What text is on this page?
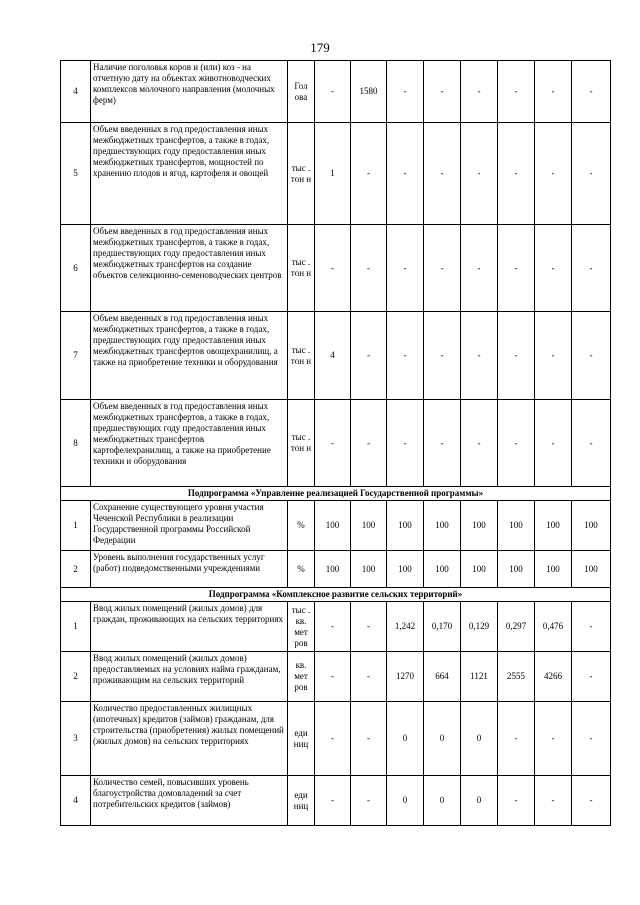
179
4	Наличие поголовья коров и (или) коз - на отчетную дату на объектах животноводческих комплексов молочного направления (молочных ферм)	Гол ова	-	1580	-	-	-	-	-	-
5	Объем введенных в год предоставления иных межбюджетных трансфертов, а также в годах, предшествующих году предоставления иных межбюджетных трансфертов, мощностей по хранению плодов и ягод, картофеля и овощей	тыс . тон н	1	-	-	-	-	-	-	-
6	Объем введенных в год предоставления иных межбюджетных трансфертов, а также в годах, предшествующих году предоставления иных межбюджетных трансфертов на создание объектов селекционно-семеноводческих центров	тыс . тон н	-	-	-	-	-	-	-	-
7	Объем введенных в год предоставления иных межбюджетных трансфертов, а также в годах, предшествующих году предоставления иных межбюджетных трансфертов овощехранилищ, а также на приобретение техники и оборудования	тыс . тон н	4	-	-	-	-	-	-	-
8	Объем введенных в год предоставления иных межбюджетных трансфертов, а также в годах, предшествующих году предоставления иных межбюджетных трансфертов картофелехранилищ, а также на приобретение техники и оборудования	тыс . тон н	-	-	-	-	-	-	-	-
Подпрограмма «Управление реализацией Государственной программы»										
1	Сохранение существующего уровня участия Чеченской Республики в реализации Государственной программы Российской Федерации	%	100	100	100	100	100	100	100	100
2	Уровень выполнения государственных услуг (работ) подведомственными учреждениями	%	100	100	100	100	100	100	100	100
Подпрограмма «Комплексное развитие сельских территорий»										
1	Ввод жилых помещений (жилых домов) для граждан, проживающих на сельских территориях	тыс . кв. мет ров	-	-	1,242	0,170	0,129	0,297	0,476	-
2	Ввод жилых помещений (жилых домов) предоставляемых на условиях найма гражданам, проживающим на сельских территорий	кв. мет ров	-	-	1270	664	1121	2555	4266	-
3	Количество предоставленных жилищных (ипотечных) кредитов (займов) гражданам, для строительства (приобретения) жилых помещений (жилых домов) на сельских территориях	еди ниц	-	-	0	0	0	-	-	-
4	Количество семей, повысивших уровень благоустройства домовладений за счет потребительских кредитов (займов)	еди ниц	-	-	0	0	0	-	-	-
